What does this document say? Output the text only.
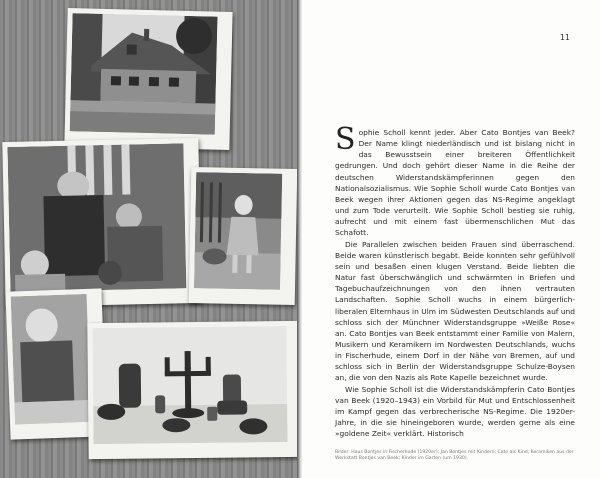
11

Sophie Scholl kennt jeder. Aber Cato Bontjes van Beek? Der Name klingt niederländisch und ist bislang nicht in das Bewusstsein einer breiteren Öffentlichkeit gedrungen. Und doch gehört dieser Name in die Reihe der deutschen Widerstandskämpferinnen gegen den Nationalsozialismus. Wie Sophie Scholl wurde Cato Bontjes van Beek wegen ihrer Aktionen gegen das NS-Regime angeklagt und zum Tode verurteilt. Wie Sophie Scholl bestieg sie ruhig, aufrecht und mit einem fast übermenschlichen Mut das Schafott.

Die Parallelen zwischen beiden Frauen sind überraschend. Beide waren künstlerisch begabt. Beide konnten sehr gefühlvoll sein und besaßen einen klugen Verstand. Beide liebten die Natur fast überschwänglich und schwärmten in Briefen und Tagebuchaufzeichnungen von den ihnen vertrauten Landschaften. Sophie Scholl wuchs in einem bürgerlich-liberalen Elternhaus in Ulm im Südwesten Deutschlands auf und schloss sich der Münchner Widerstandsgruppe »Weiße Rose« an. Cato Bontjes van Beek entstammt einer Familie von Malern, Musikern und Keramikern im Nordwesten Deutschlands, wuchs in Fischerhude, einem Dorf in der Nähe von Bremen, auf und schloss sich in Berlin der Widerstandsgruppe Schulze-Boysen an, die von den Nazis als Rote Kapelle bezeichnet wurde.

Wie Sophie Scholl ist die Widerstandskämpferin Cato Bontjes van Beek (1920–1943) ein Vorbild für Mut und Entschlossenheit im Kampf gegen das verbrecherische NS-Regime. Die 1920er-Jahre, in die sie hineingeboren wurde, werden gerne als eine »goldene Zeit« verklärt. Historisch

Bilder: Haus Bontjes in Fischerhude (1920er); Jan Bontjes mit Kindern; Cato als Kind; Keramiken aus der Werkstatt Bontjes van Beek; Kinder im Garten (um 1930).
